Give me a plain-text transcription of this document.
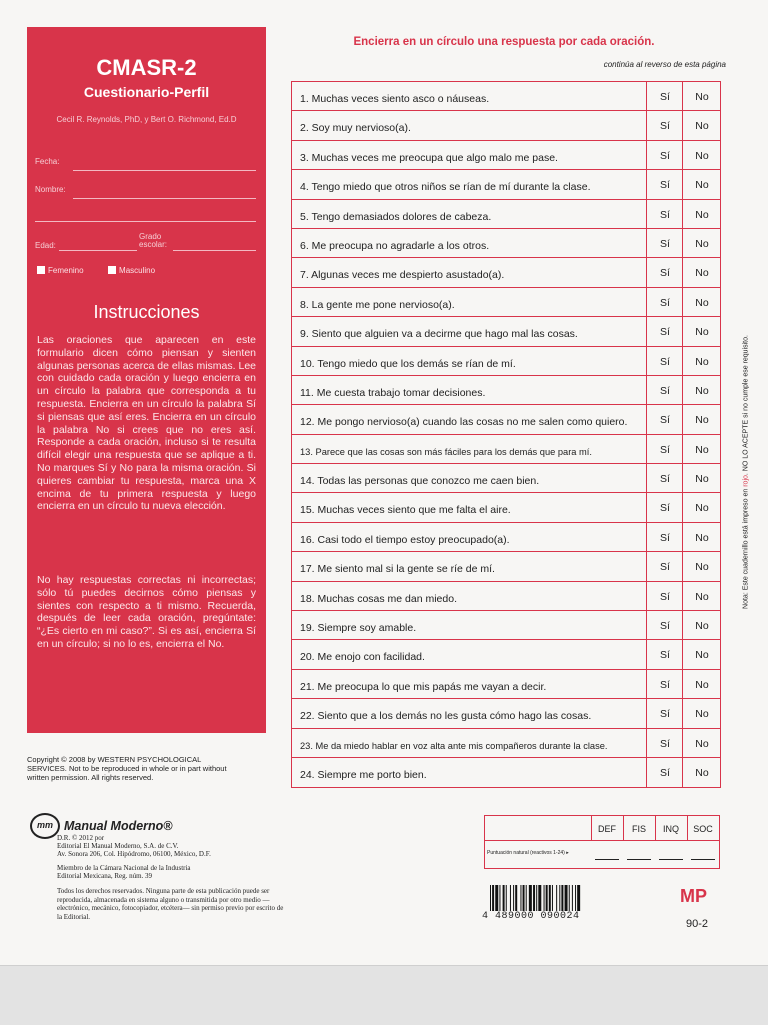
CMASR-2
Cuestionario-Perfil
Cecil R. Reynolds, PhD, y Bert O. Richmond, Ed.D
Fecha:
Nombre:
Edad:
Grado escolar:
Femenino	Masculino
Instrucciones
Las oraciones que aparecen en este formulario dicen cómo piensan y sienten algunas personas acerca de ellas mismas. Lee con cuidado cada oración y luego encierra en un círculo la palabra que corresponda a tu respuesta. Encierra en un círculo la palabra Sí si piensas que así eres. Encierra en un círculo la palabra No si crees que no eres así. Responde a cada oración, incluso si te resulta difícil elegir una respuesta que se aplique a ti. No marques Sí y No para la misma oración. Si quieres cambiar tu respuesta, marca una X encima de tu primera respuesta y luego encierra en un círculo tu nueva elección.
No hay respuestas correctas ni incorrectas; sólo tú puedes decirnos cómo piensas y sientes con respecto a ti mismo. Recuerda, después de leer cada oración, pregúntate: “¿Es cierto en mi caso?”. Si es así, encierra Sí en un círculo; si no lo es, encierra el No.
Encierra en un círculo una respuesta por cada oración.
continúa al reverso de esta página
1. Muchas veces siento asco o náuseas.	Sí	No
2. Soy muy nervioso(a).	Sí	No
3. Muchas veces me preocupa que algo malo me pase.	Sí	No
4. Tengo miedo que otros niños se rían de mí durante la clase.	Sí	No
5. Tengo demasiados dolores de cabeza.	Sí	No
6. Me preocupa no agradarle a los otros.	Sí	No
7. Algunas veces me despierto asustado(a).	Sí	No
8. La gente me pone nervioso(a).	Sí	No
9. Siento que alguien va a decirme que hago mal las cosas.	Sí	No
10. Tengo miedo que los demás se rían de mí.	Sí	No
11. Me cuesta trabajo tomar decisiones.	Sí	No
12. Me pongo nervioso(a) cuando las cosas no me salen como quiero.	Sí	No
13. Parece que las cosas son más fáciles para los demás que para mí.	Sí	No
14. Todas las personas que conozco me caen bien.	Sí	No
15. Muchas veces siento que me falta el aire.	Sí	No
16. Casi todo el tiempo estoy preocupado(a).	Sí	No
17. Me siento mal si la gente se ríe de mí.	Sí	No
18. Muchas cosas me dan miedo.	Sí	No
19. Siempre soy amable.	Sí	No
20. Me enojo con facilidad.	Sí	No
21. Me preocupa lo que mis papás me vayan a decir.	Sí	No
22. Siento que a los demás no les gusta cómo hago las cosas.	Sí	No
23. Me da miedo hablar en voz alta ante mis compañeros durante la clase.	Sí	No
24. Siempre me porto bien.	Sí	No
Nota: Este cuadernillo está impreso en rojo. NO LO ACEPTE si no cumple ese requisito.
Copyright © 2008 by WESTERN PSYCHOLOGICAL SERVICES. Not to be reproduced in whole or in part without written permission. All rights reserved.
mm Manual Moderno®
D.R. © 2012 por
Editorial El Manual Moderno, S.A. de C.V.
Av. Sonora 206, Col. Hipódromo, 06100, México, D.F.
Miembro de la Cámara Nacional de la Industria
Editorial Mexicana, Reg. núm. 39
Todos los derechos reservados. Ninguna parte de esta publicación puede ser reproducida, almacenada en sistema alguno o transmitida por otro medio —electrónico, mecánico, fotocopiador, etcétera— sin permiso previo por escrito de la Editorial.
DEF	FIS	INQ	SOC
Puntuación natural (reactivos 1-24) ▸
4 489000 090024
MP
90-2
